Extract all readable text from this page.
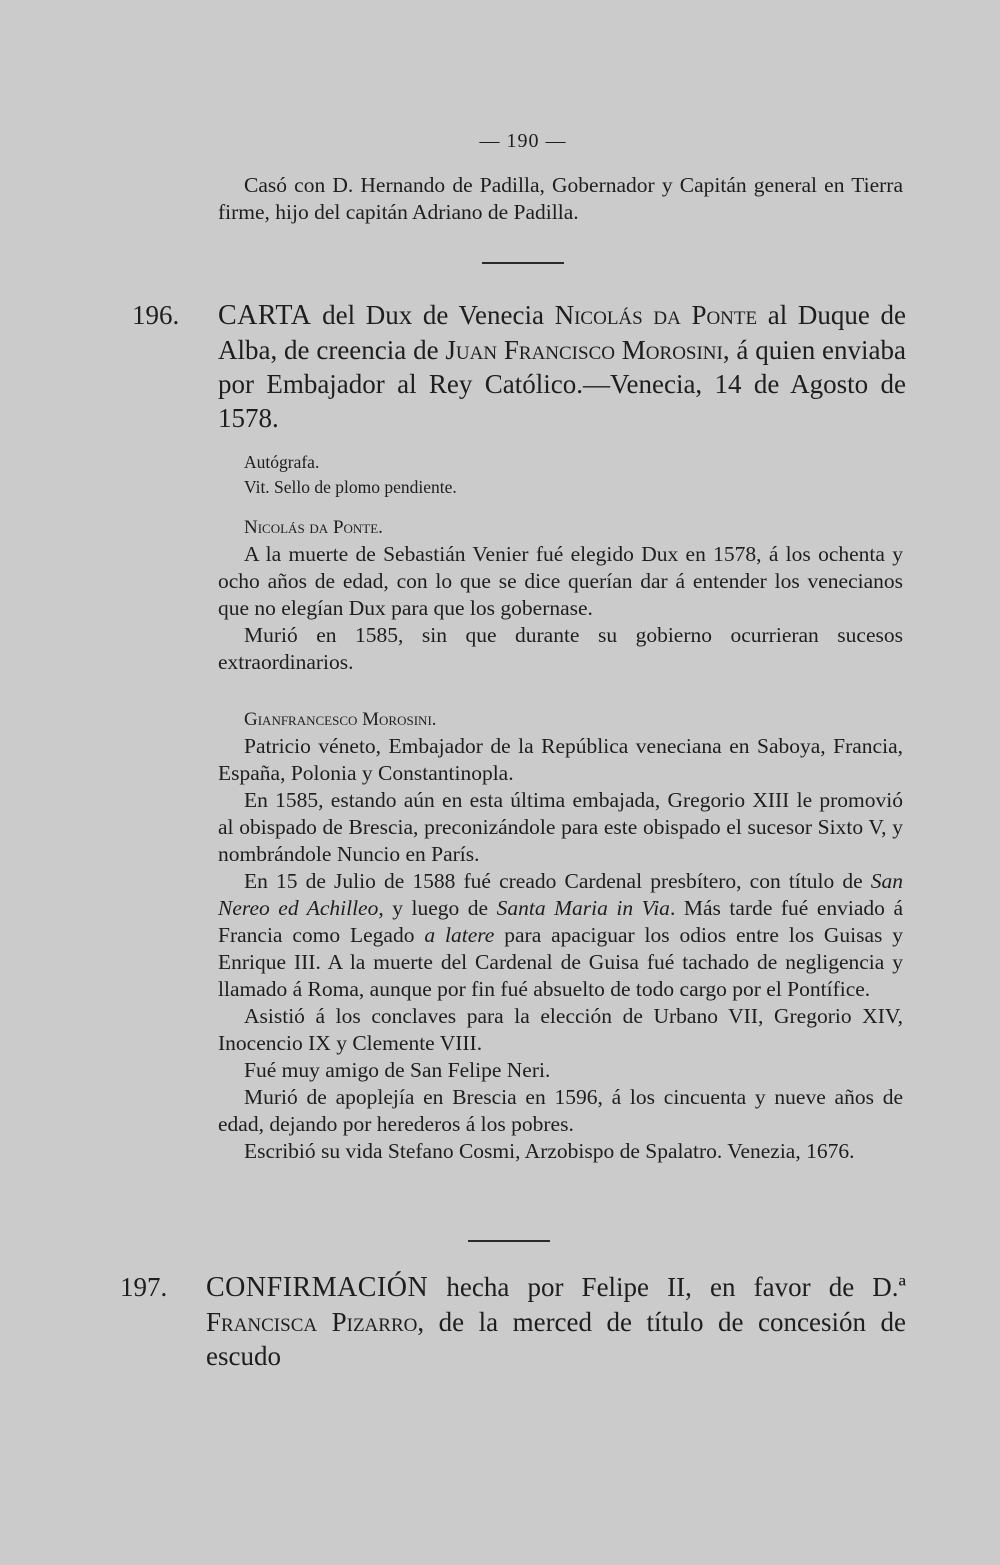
— 190 —

Casó con D. Hernando de Padilla, Gobernador y Capitán general en Tierra firme, hijo del capitán Adriano de Padilla.

196.	CARTA del Dux de Venecia Nicolás da Ponte al Duque de Alba, de creencia de Juan Francisco Morosini, á quien enviaba por Embajador al Rey Católico.—Venecia, 14 de Agosto de 1578.

Autógrafa.

Vit. Sello de plomo pendiente.

Nicolás da Ponte.

A la muerte de Sebastián Venier fué elegido Dux en 1578, á los ochenta y ocho años de edad, con lo que se dice querían dar á entender los venecianos que no elegían Dux para que los gobernase.

Murió en 1585, sin que durante su gobierno ocurrieran sucesos extraordinarios.

Gianfrancesco Morosini.

Patricio véneto, Embajador de la República veneciana en Saboya, Francia, España, Polonia y Constantinopla.

En 1585, estando aún en esta última embajada, Gregorio XIII le promovió al obispado de Brescia, preconizándole para este obispado el sucesor Sixto V, y nombrándole Nuncio en París.

En 15 de Julio de 1588 fué creado Cardenal presbítero, con título de San Nereo ed Achilleo, y luego de Santa Maria in Via. Más tarde fué enviado á Francia como Legado a latere para apaciguar los odios entre los Guisas y Enrique III. A la muerte del Cardenal de Guisa fué tachado de negligencia y llamado á Roma, aunque por fin fué absuelto de todo cargo por el Pontífice.

Asistió á los conclaves para la elección de Urbano VII, Gregorio XIV, Inocencio IX y Clemente VIII.

Fué muy amigo de San Felipe Neri.

Murió de apoplejía en Brescia en 1596, á los cincuenta y nueve años de edad, dejando por herederos á los pobres.

Escribió su vida Stefano Cosmi, Arzobispo de Spalatro. Venezia, 1676.

197.	CONFIRMACIÓN hecha por Felipe II, en favor de D.ª Francisca Pizarro, de la merced de título de concesión de escudo
